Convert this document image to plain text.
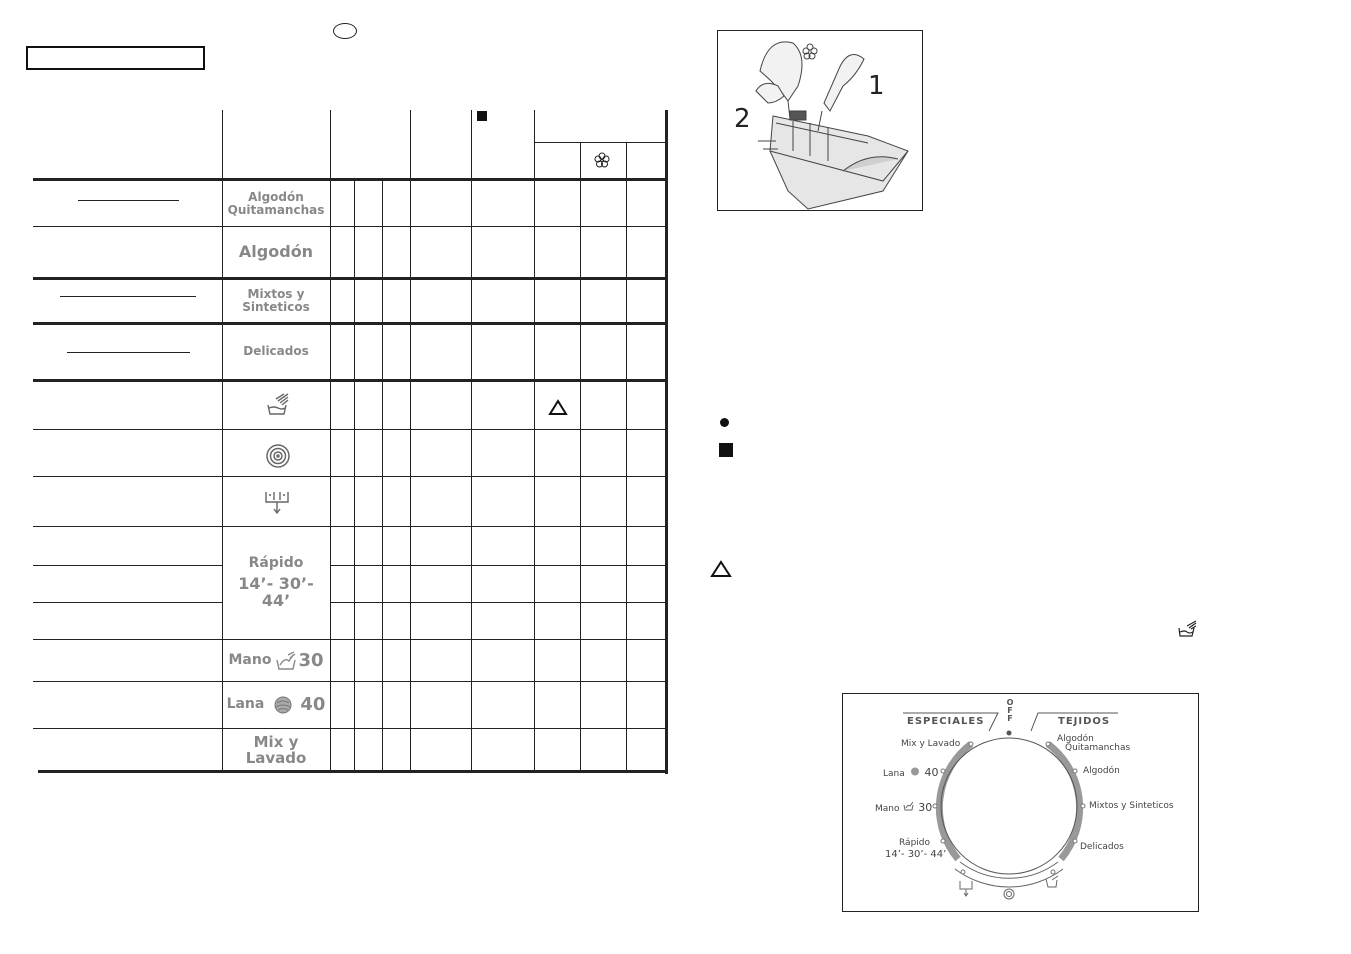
Algodón
Quitamanchas
Algodón
Mixtos y
Sinteticos
Delicados
Rápido
14’- 30’- 44’
Mano 30
Lana 40
Mix y Lavado
1
2
ESPECIALES	TEJIDOS
OFF
Mix y Lavado
Lana 40
Mano 30
Rápido
14’- 30’- 44’
Algodón
Quitamanchas
Algodón
Mixtos y Sinteticos
Delicados
